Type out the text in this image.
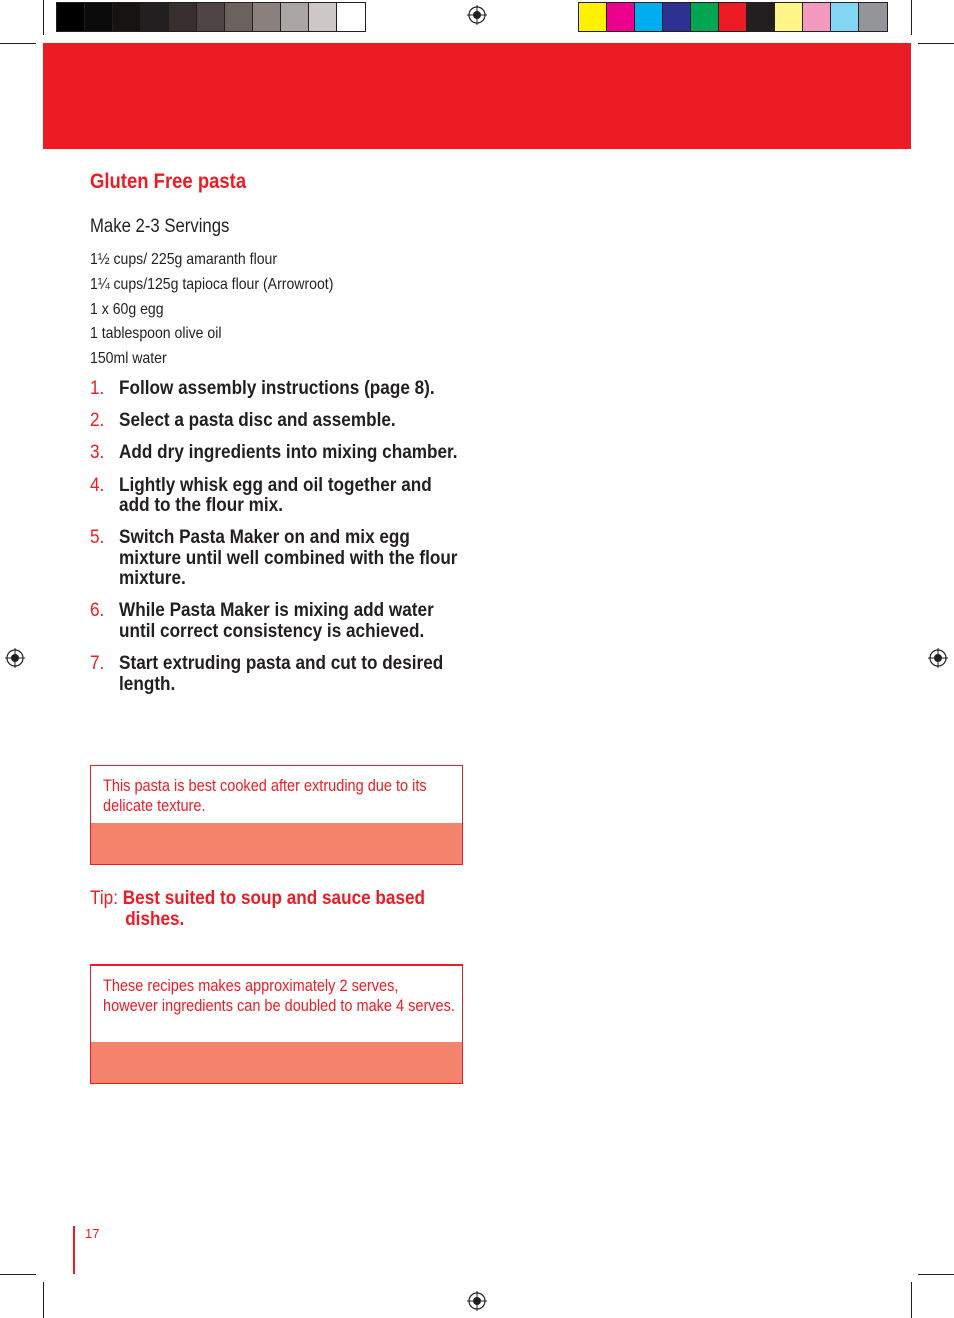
Gluten Free pasta
Make 2-3 Servings
1½ cups/ 225g amaranth flour
1¼ cups/125g tapioca flour (Arrowroot)
1 x 60g egg
1 tablespoon olive oil
150ml water
1. Follow assembly instructions (page 8).
2. Select a pasta disc and assemble.
3. Add dry ingredients into mixing chamber.
4. Lightly whisk egg and oil together and add to the flour mix.
5. Switch Pasta Maker on and mix egg mixture until well combined with the flour mixture.
6. While Pasta Maker is mixing add water until correct consistency is achieved.
7. Start extruding pasta and cut to desired length.
This pasta is best cooked after extruding due to its delicate texture.
Tip: Best suited to soup and sauce based
dishes.
These recipes makes approximately 2 serves, however ingredients can be doubled to make 4 serves.
17
